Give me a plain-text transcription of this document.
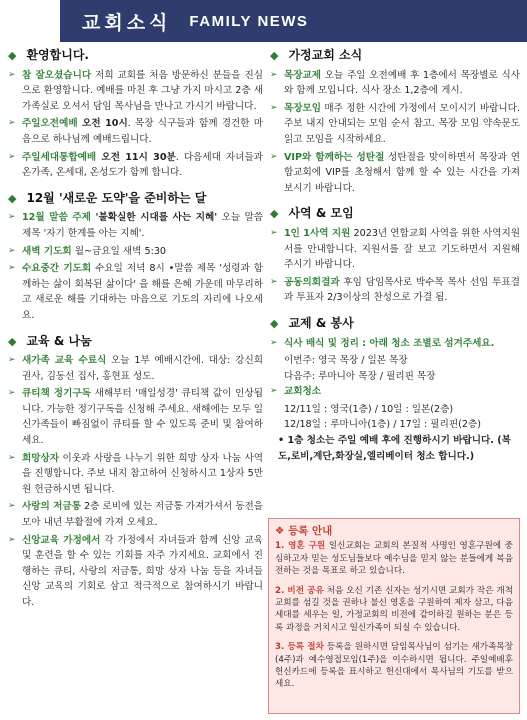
교회소식 FAMILY NEWS
◆ 환영합니다.
➢ 참 잘오셨습니다 저희 교회를 처음 방문하신 분들을 진심으로 환영합니다. 예배를 마친 후 그냥 가지 마시고 2층 새가족실로 오셔서 담임 목사님을 만나고 가시기 바랍니다.
➢ 주일오전예배 오전 10시. 목장 식구들과 함께 경건한 마음으로 하나님께 예배드립니다.
➢ 주일세대통합예배 오전 11시 30분. 다음세대 자녀들과 온가족, 온세대, 온성도가 함께 합니다.
◆ 12월 '새로운 도약'을 준비하는 달
➢ 12월 말씀 주제 '불확실한 시대를 사는 지혜' 오늘 말씀 제목 '자기 한계를 아는 지혜'.
➢ 새벽 기도회 월~금요일 새벽 5:30
➢ 수요중간 기도회 수요일 저녁 8시 •말씀 제목 '성령과 함께하는 삶이 회복된 삶이다' 을 해를 은혜 가운데 마무리하고 새로운 해를 기대하는 마음으로 기도의 자리에 나오세요.
◆ 교육 & 나눔
➢ 새가족 교육 수료식 오늘 1부 예배시간에. 대상: 강신희 권사, 김동선 집사, 홍현표 성도.
➢ 큐티책 정기구독 새해부터 '매일성경' 큐티책 값이 인상됩니다. 가능한 정기구독을 신청해 주세요. 새해에는 모두 일신가족들이 빠짐없이 큐티를 할 수 있도록 준비 및 참여하세요.
➢ 희망상자 이웃과 사랑을 나누기 위한 희망 상자 나눔 사역을 진행합니다. 주보 내지 참고하여 신청하시고 1상자 5만원 헌금하시면 됩니다.
➢ 사랑의 저금통 2층 로비에 있는 저금통 가져가셔서 동전을 모아 내년 부활절에 가져 오세요.
➢ 신앙교육 가정에서 각 가정에서 자녀들과 함께 신앙 교육 및 훈련을 할 수 있는 기회를 자주 가지세요. 교회에서 진행하는 큐티, 사랑의 저금통, 희망 상자 나눔 등을 자녀들 신앙 교육의 기회로 삼고 적극적으로 참여하시기 바랍니다.
◆ 가정교회 소식
➢ 목장교제 오늘 주일 오전예배 후 1층에서 목장별로 식사와 함께 모입니다. 식사 장소 1,2층에 게시.
➢ 목장모임 매주 정한 시간에 가정에서 모이시기 바랍니다. 주보 내지 안내되는 모임 순서 참고. 목장 모임 약속문도 읽고 모임을 시작하세요.
➢ VIP와 함께하는 성탄절 성탄절을 맞이하면서 목장과 연합교회에 VIP를 초청해서 함께 할 수 있는 시간을 가져 보시기 바랍니다.
◆ 사역 & 모임
➢ 1인 1사역 지원 2023년 연합교회 사역을 위한 사역지원서를 안내합니다. 지원서를 잘 보고 기도하면서 지원해 주시기 바랍니다.
➢ 공동의회결과 후임 담임목사로 박수목 목사 선임 투표결과 투표자 2/3이상의 찬성으로 가결 됨.
◆ 교제 & 봉사
➢ 식사 배식 및 정리 : 아래 청소 조별로 섬겨주세요.
이번주: 영국 목장 / 일본 목장
다음주: 루마니아 목장 / 필리핀 목장
➢ 교회청소
12/11일 : 영국(1층) / 10일 : 일본(2층)
12/18일 : 루마니아(1층) / 17일 : 필리핀(2층)
• 1층 청소는 주일 예배 후에 진행하시기 바랍니다. (복도,로비,계단,화장실,엘리베이터 청소 합니다.)
❖ 등록 안내

1. 영혼 구원 일신교회는 교회의 본질적 사명인 영혼구원에 중심하고자 믿는 성도님들보다 예수님을 믿지 않는 분들에게 복음 전하는 것을 목표로 하고 있습니다.

2. 비전 공유 처음 오신 기존 신자는 성기시면 교회가 작은 개척교회를 섬길 것을 권하나 불신 영혼을 구원하여 제자 삼고, 다음 세대를 세우는 일, 가정교회의 비전에 같이하길 원하는 분은 등록 과정을 거치시고 일신가족이 되실 수 있습니다.

3. 등록 절차 등록을 원하시면 담임목사님이 섬기는 새가족목장(4주)과 예수영접모임(1주)을 이수하시면 됩니다. 주일예배후 헌신카드에 등록을 표시하고 헌신대에서 목사님의 기도를 받으세요.
